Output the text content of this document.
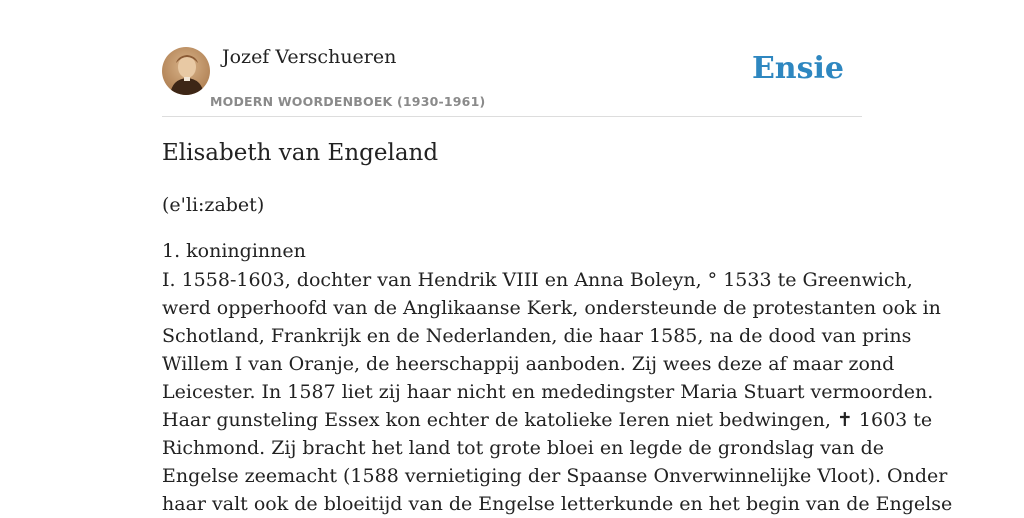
Jozef Verschueren
MODERN WOORDENBOEK (1930-1961)
Ensie
Elisabeth van Engeland
(e'li:zabet)
1. koninginnen
I. 1558-1603, dochter van Hendrik VIII en Anna Boleyn, ° 1533 te Greenwich,
werd opperhoofd van de Anglikaanse Kerk, ondersteunde de protestanten ook in
Schotland, Frankrijk en de Nederlanden, die haar 1585, na de dood van prins
Willem I van Oranje, de heerschappij aanboden. Zij wees deze af maar zond
Leicester. In 1587 liet zij haar nicht en mededingster Maria Stuart vermoorden.
Haar gunsteling Essex kon echter de katolieke Ieren niet bedwingen, ✝ 1603 te
Richmond. Zij bracht het land tot grote bloei en legde de grondslag van de
Engelse zeemacht (1588 vernietiging der Spaanse Onverwinnelijke Vloot). Onder
haar valt ook de bloeitijd van de Engelse letterkunde en het begin van de Engelse
